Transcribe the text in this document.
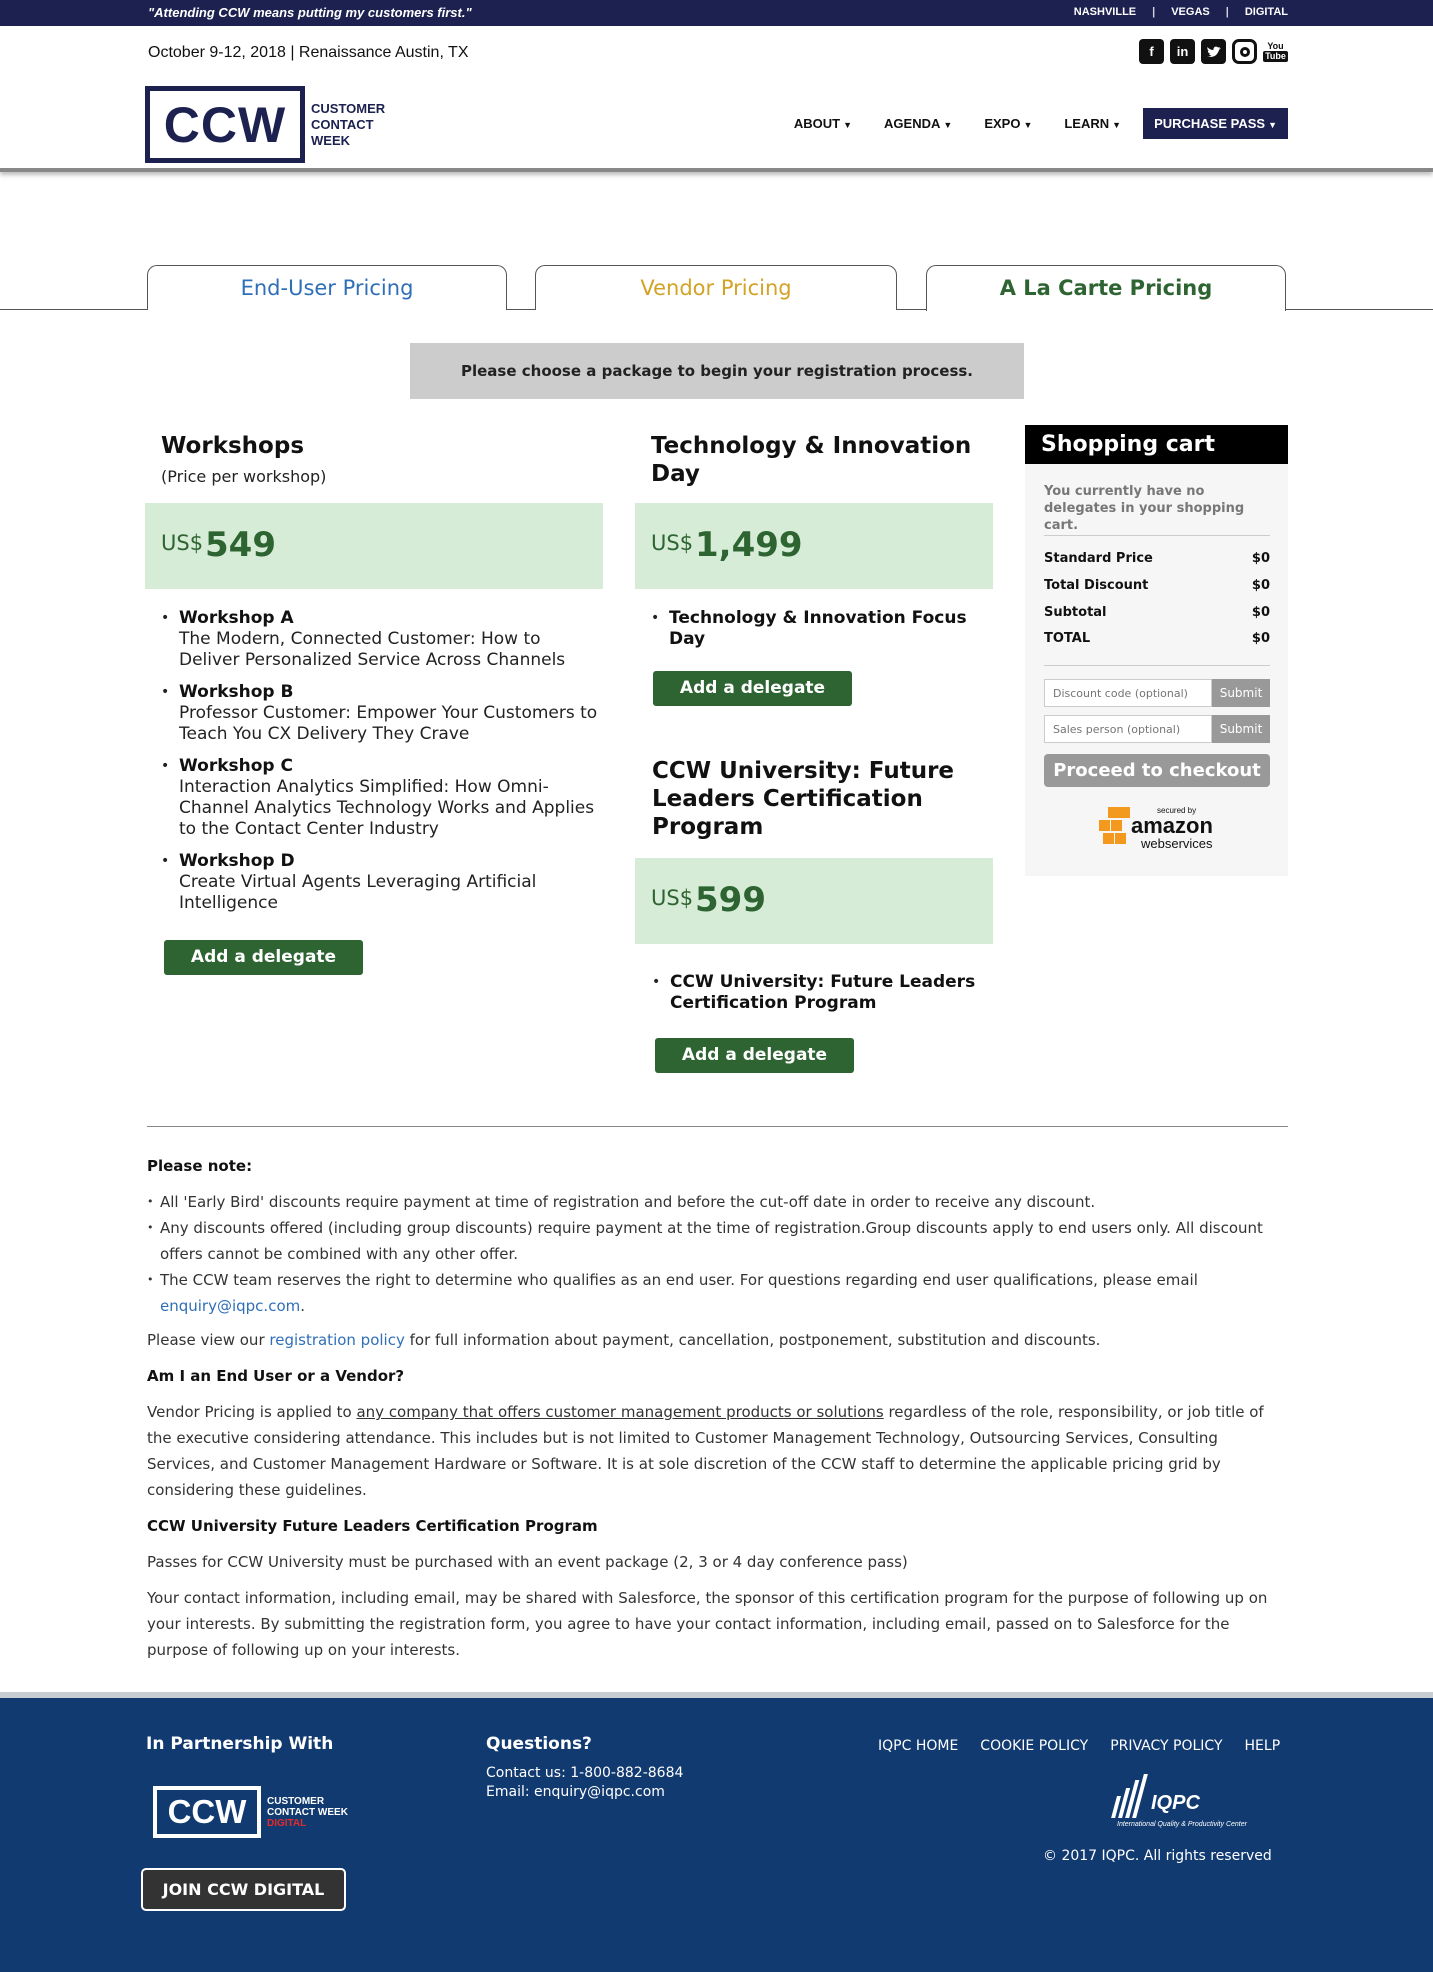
"Attending CCW means putting my customers first."	NASHVILLE | VEGAS | DIGITAL
October 9-12, 2018 | Renaissance Austin, TX	f	in	You
Tube
CCW	CUSTOMER
CONTACT
WEEK
ABOUT ▼ AGENDA ▼ EXPO ▼ LEARN ▼	PURCHASE PASS ▼
End-User Pricing	Vendor Pricing	A La Carte Pricing
Please choose a package to begin your registration process.
Workshops
(Price per workshop)
US$ 549
• Workshop A
The Modern, Connected Customer: How to Deliver Personalized Service Across Channels
• Workshop B
Professor Customer: Empower Your Customers to Teach You CX Delivery They Crave
• Workshop C
Interaction Analytics Simplified: How Omni-Channel Analytics Technology Works and Applies to the Contact Center Industry
• Workshop D
Create Virtual Agents Leveraging Artificial Intelligence
Add a delegate
Technology & Innovation Day
US$ 1,499
• Technology & Innovation Focus Day
Add a delegate
CCW University: Future Leaders Certification Program
US$ 599
• CCW University: Future Leaders Certification Program
Add a delegate
Shopping cart
You currently have no delegates in your shopping cart.
Standard Price	$0
Total Discount	$0
Subtotal	$0
TOTAL	$0
Discount code (optional)
Submit
Sales person (optional)
Submit
Proceed to checkout
secured by
amazon
webservices
Please note:
• All 'Early Bird' discounts require payment at time of registration and before the cut-off date in order to receive any discount.
• Any discounts offered (including group discounts) require payment at the time of registration.Group discounts apply to end users only. All discount offers cannot be combined with any other offer.
• The CCW team reserves the right to determine who qualifies as an end user. For questions regarding end user qualifications, please email
enquiry@iqpc.com.

Please view our registration policy for full information about payment, cancellation, postponement, substitution and discounts.

Am I an End User or a Vendor?

Vendor Pricing is applied to any company that offers customer management products or solutions regardless of the role, responsibility, or job title of the executive considering attendance. This includes but is not limited to Customer Management Technology, Outsourcing Services, Consulting Services, and Customer Management Hardware or Software. It is at sole discretion of the CCW staff to determine the applicable pricing grid by considering these guidelines.

CCW University Future Leaders Certification Program

Passes for CCW University must be purchased with an event package (2, 3 or 4 day conference pass)

Your contact information, including email, may be shared with Salesforce, the sponsor of this certification program for the purpose of following up on your interests. By submitting the registration form, you agree to have your contact information, including email, passed on to Salesforce for the purpose of following up on your interests.

In Partnership With
CCW	CUSTOMER
CONTACT WEEK
DIGITAL
JOIN CCW DIGITAL
Questions?
Contact us: 1-800-882-8684
Email: enquiry@iqpc.com
IQPC HOME COOKIE POLICY PRIVACY POLICY HELP
IQPC
International Quality & Productivity Center
© 2017 IQPC. All rights reserved
